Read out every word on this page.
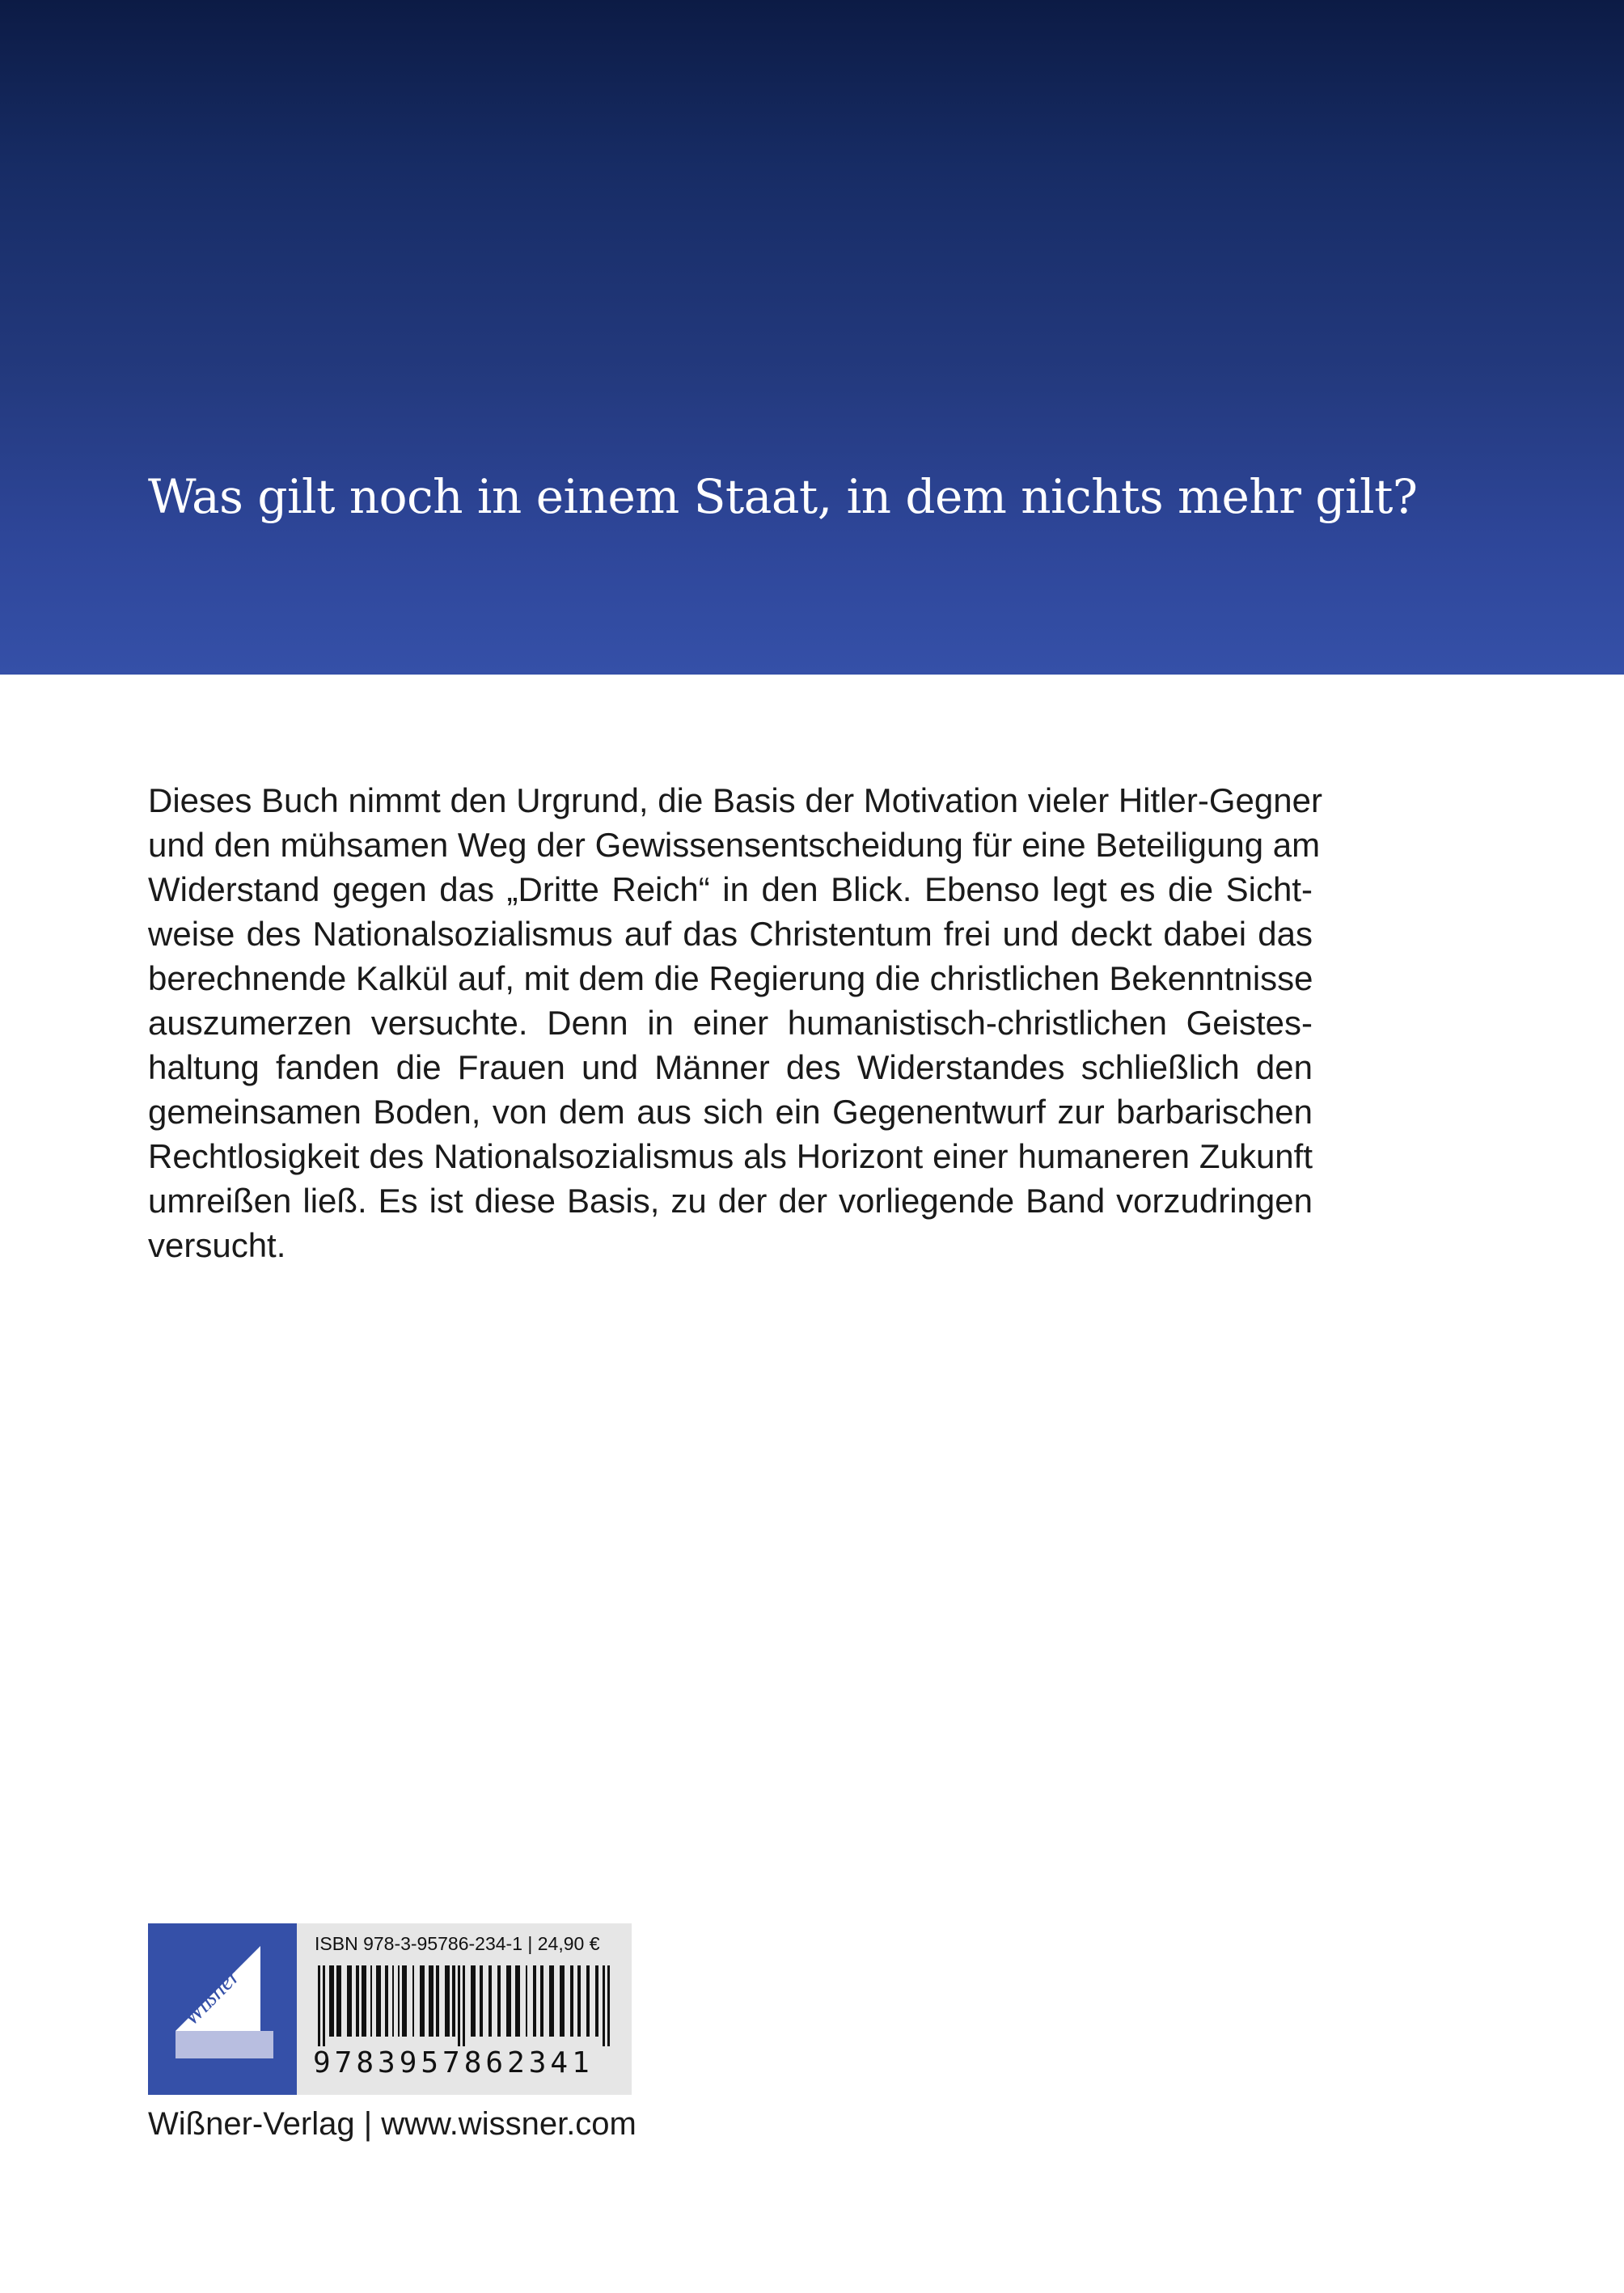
Was gilt noch in einem Staat, in dem nichts mehr gilt?
Dieses Buch nimmt den Urgrund, die Basis der Motivation vieler Hitler-Gegner
und den mühsamen Weg der Gewissensentscheidung für eine Beteiligung am
Widerstand gegen das „Dritte Reich“ in den Blick. Ebenso legt es die Sicht-
weise des Nationalsozialismus auf das Christentum frei und deckt dabei das
berechnende Kalkül auf, mit dem die Regierung die christlichen Bekenntnisse
auszumerzen versuchte. Denn in einer humanistisch-christlichen Geistes-
haltung fanden die Frauen und Männer des Widerstandes schließlich den
gemeinsamen Boden, von dem aus sich ein Gegenentwurf zur barbarischen
Rechtlosigkeit des Nationalsozialismus als Horizont einer humaneren Zukunft
umreißen ließ. Es ist diese Basis, zu der der vorliegende Band vorzudringen
versucht.
Wißner
ISBN 978-3-95786-234-1 | 24,90 €
9783957862341
Wißner-Verlag | www.wissner.com
